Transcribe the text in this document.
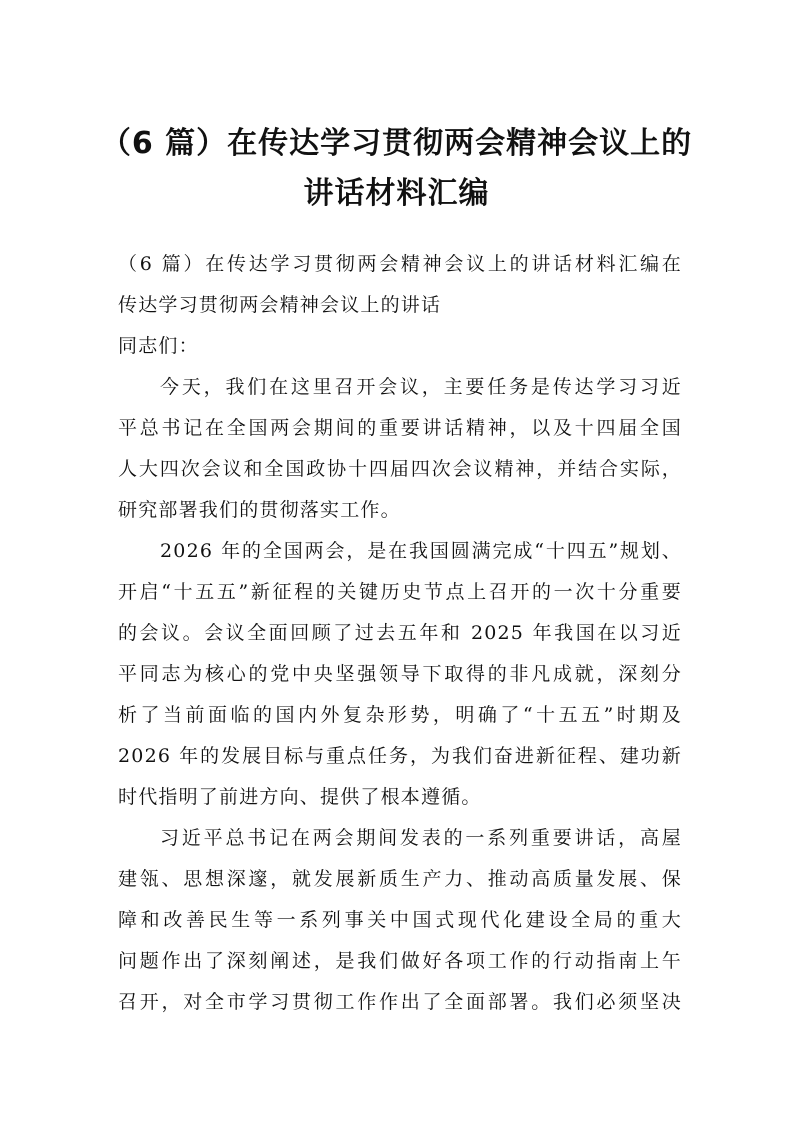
（6 篇）在传达学习贯彻两会精神会议上的
讲话材料汇编

（6 篇）在传达学习贯彻两会精神会议上的讲话材料汇编在

传达学习贯彻两会精神会议上的讲话

同志们：

今天，我们在这里召开会议，主要任务是传达学习习近

平总书记在全国两会期间的重要讲话精神，以及十四届全国

人大四次会议和全国政协十四届四次会议精神，并结合实际，

研究部署我们的贯彻落实工作。

2026 年的全国两会，是在我国圆满完成“十四五”规划、

开启“十五五”新征程的关键历史节点上召开的一次十分重要

的会议。会议全面回顾了过去五年和 2025 年我国在以习近

平同志为核心的党中央坚强领导下取得的非凡成就，深刻分

析了当前面临的国内外复杂形势，明确了“十五五”时期及

2026 年的发展目标与重点任务，为我们奋进新征程、建功新

时代指明了前进方向、提供了根本遵循。

习近平总书记在两会期间发表的一系列重要讲话，高屋

建瓴、思想深邃，就发展新质生产力、推动高质量发展、保

障和改善民生等一系列事关中国式现代化建设全局的重大

问题作出了深刻阐述，是我们做好各项工作的行动指南上午

召开，对全市学习贯彻工作作出了全面部署。我们必须坚决
